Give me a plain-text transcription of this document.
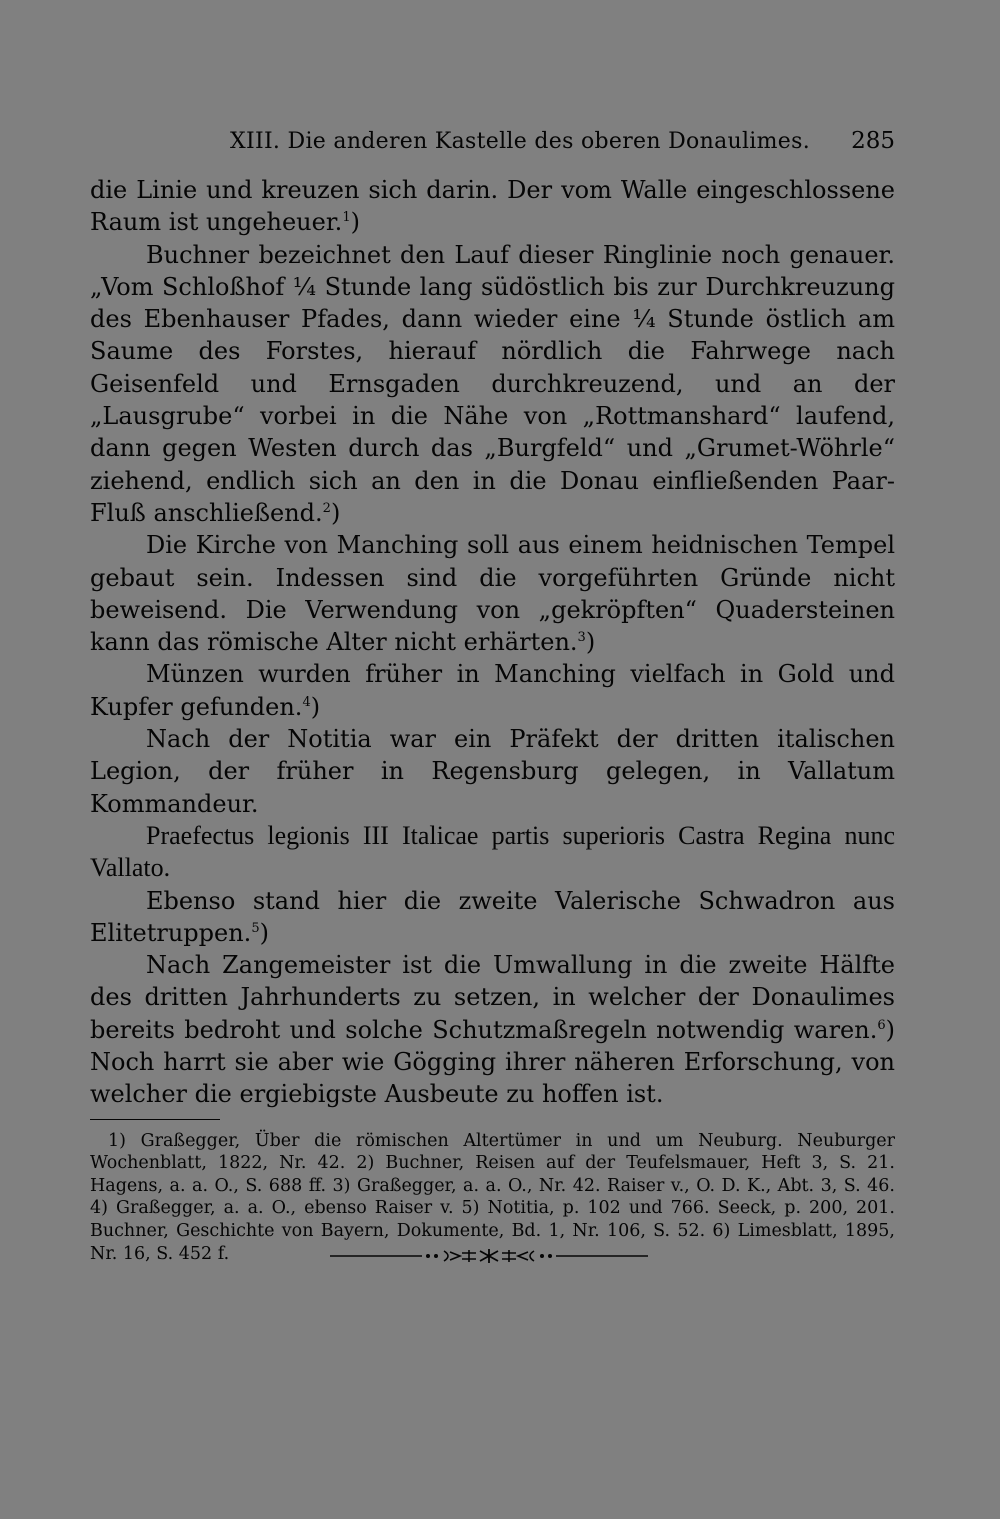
XIII. Die anderen Kastelle des oberen Donaulimes. 285

die Linie und kreuzen sich darin. Der vom Walle eingeschlossene Raum ist ungeheuer.$^1$)

Buchner bezeichnet den Lauf dieser Ringlinie noch genauer. „Vom Schloßhof ¼ Stunde lang südöstlich bis zur Durchkreuzung des Ebenhauser Pfades, dann wieder eine ¼ Stunde östlich am Saume des Forstes, hierauf nördlich die Fahrwege nach Geisenfeld und Ernsgaden durchkreuzend, und an der „Lausgrube“ vorbei in die Nähe von „Rottmanshard“ laufend, dann gegen Westen durch das „Burgfeld“ und „Grumet-Wöhrle“ ziehend, endlich sich an den in die Donau einfließenden Paar-Fluß anschließend.$^2$)

Die Kirche von Manching soll aus einem heidnischen Tempel gebaut sein. Indessen sind die vorgeführten Gründe nicht beweisend. Die Verwendung von „gekröpften“ Quadersteinen kann das römische Alter nicht erhärten.$^3$)

Münzen wurden früher in Manching vielfach in Gold und Kupfer gefunden.$^4$)

Nach der Notitia war ein Präfekt der dritten italischen Legion, der früher in Regensburg gelegen, in Vallatum Kommandeur.

Praefectus legionis III Italicae partis superioris Castra Regina nunc Vallato.

Ebenso stand hier die zweite Valerische Schwadron aus Elitetruppen.$^5$)

Nach Zangemeister ist die Umwallung in die zweite Hälfte des dritten Jahrhunderts zu setzen, in welcher der Donaulimes bereits bedroht und solche Schutzmaßregeln notwendig waren.$^6$) Noch harrt sie aber wie Gögging ihrer näheren Erforschung, von welcher die ergiebigste Ausbeute zu hoffen ist.

1) Graßegger, Über die römischen Altertümer in und um Neuburg. Neuburger Wochenblatt, 1822, Nr. 42. 2) Buchner, Reisen auf der Teufelsmauer, Heft 3, S. 21. Hagens, a. a. O., S. 688 ff. 3) Graßegger, a. a. O., Nr. 42. Raiser v., O. D. K., Abt. 3, S. 46. 4) Graßegger, a. a. O., ebenso Raiser v. 5) Notitia, p. 102 und 766. Seeck, p. 200, 201. Buchner, Geschichte von Bayern, Dokumente, Bd. 1, Nr. 106, S. 52. 6) Limesblatt, 1895, Nr. 16, S. 452 f.
